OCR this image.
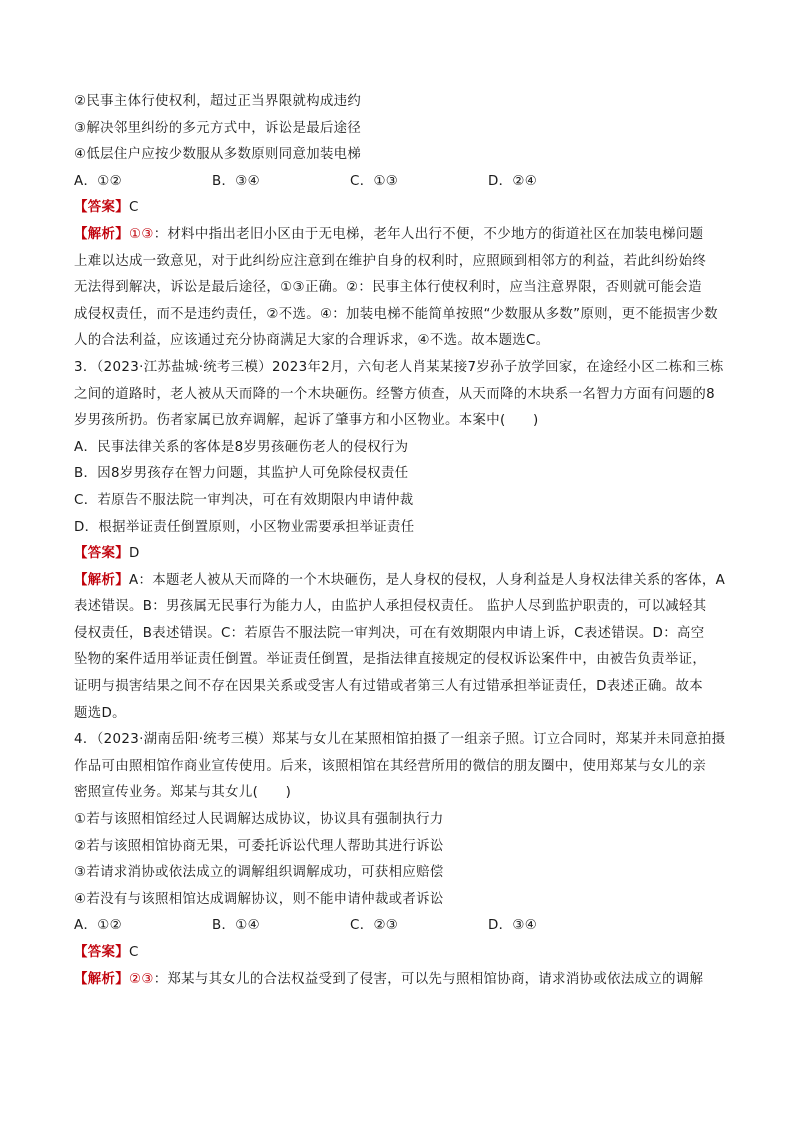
②民事主体行使权利，超过正当界限就构成违约
③解决邻里纠纷的多元方式中，诉讼是最后途径
④低层住户应按少数服从多数原则同意加装电梯
A．①②	B．③④	C．①③	D．②④
【答案】C
【解析】①③：材料中指出老旧小区由于无电梯，老年人出行不便，不少地方的街道社区在加装电梯问题
上难以达成一致意见，对于此纠纷应注意到在维护自身的权利时，应照顾到相邻方的利益，若此纠纷始终
无法得到解决，诉讼是最后途径，①③正确。②：民事主体行使权利时，应当注意界限，否则就可能会造
成侵权责任，而不是违约责任，②不选。④：加装电梯不能简单按照“少数服从多数”原则，更不能损害少数
人的合法利益，应该通过充分协商满足大家的合理诉求，④不选。故本题选C。
3．（2023·江苏盐城·统考三模）2023年2月，六旬老人肖某某接7岁孙子放学回家，在途经小区二栋和三栋
之间的道路时，老人被从天而降的一个木块砸伤。经警方侦查，从天而降的木块系一名智力方面有问题的8
岁男孩所扔。伤者家属已放弃调解，起诉了肇事方和小区物业。本案中(　　)
A．民事法律关系的客体是8岁男孩砸伤老人的侵权行为
B．因8岁男孩存在智力问题，其监护人可免除侵权责任
C．若原告不服法院一审判决，可在有效期限内申请仲裁
D．根据举证责任倒置原则，小区物业需要承担举证责任
【答案】D
【解析】A：本题老人被从天而降的一个木块砸伤，是人身权的侵权，人身利益是人身权法律关系的客体，A
表述错误。B：男孩属无民事行为能力人，由监护人承担侵权责任。 监护人尽到监护职责的，可以减轻其
侵权责任，B表述错误。C：若原告不服法院一审判决，可在有效期限内申请上诉，C表述错误。D：高空
坠物的案件适用举证责任倒置。举证责任倒置，是指法律直接规定的侵权诉讼案件中，由被告负责举证，
证明与损害结果之间不存在因果关系或受害人有过错或者第三人有过错承担举证责任，D表述正确。故本
题选D。
4．（2023·湖南岳阳·统考三模）郑某与女儿在某照相馆拍摄了一组亲子照。订立合同时，郑某并未同意拍摄
作品可由照相馆作商业宣传使用。后来，该照相馆在其经营所用的微信的朋友圈中，使用郑某与女儿的亲
密照宣传业务。郑某与其女儿(　　)
①若与该照相馆经过人民调解达成协议，协议具有强制执行力
②若与该照相馆协商无果，可委托诉讼代理人帮助其进行诉讼
③若请求消协或依法成立的调解组织调解成功，可获相应赔偿
④若没有与该照相馆达成调解协议，则不能申请仲裁或者诉讼
A．①②	B．①④	C．②③	D．③④
【答案】C
【解析】②③：郑某与其女儿的合法权益受到了侵害，可以先与照相馆协商，请求消协或依法成立的调解
